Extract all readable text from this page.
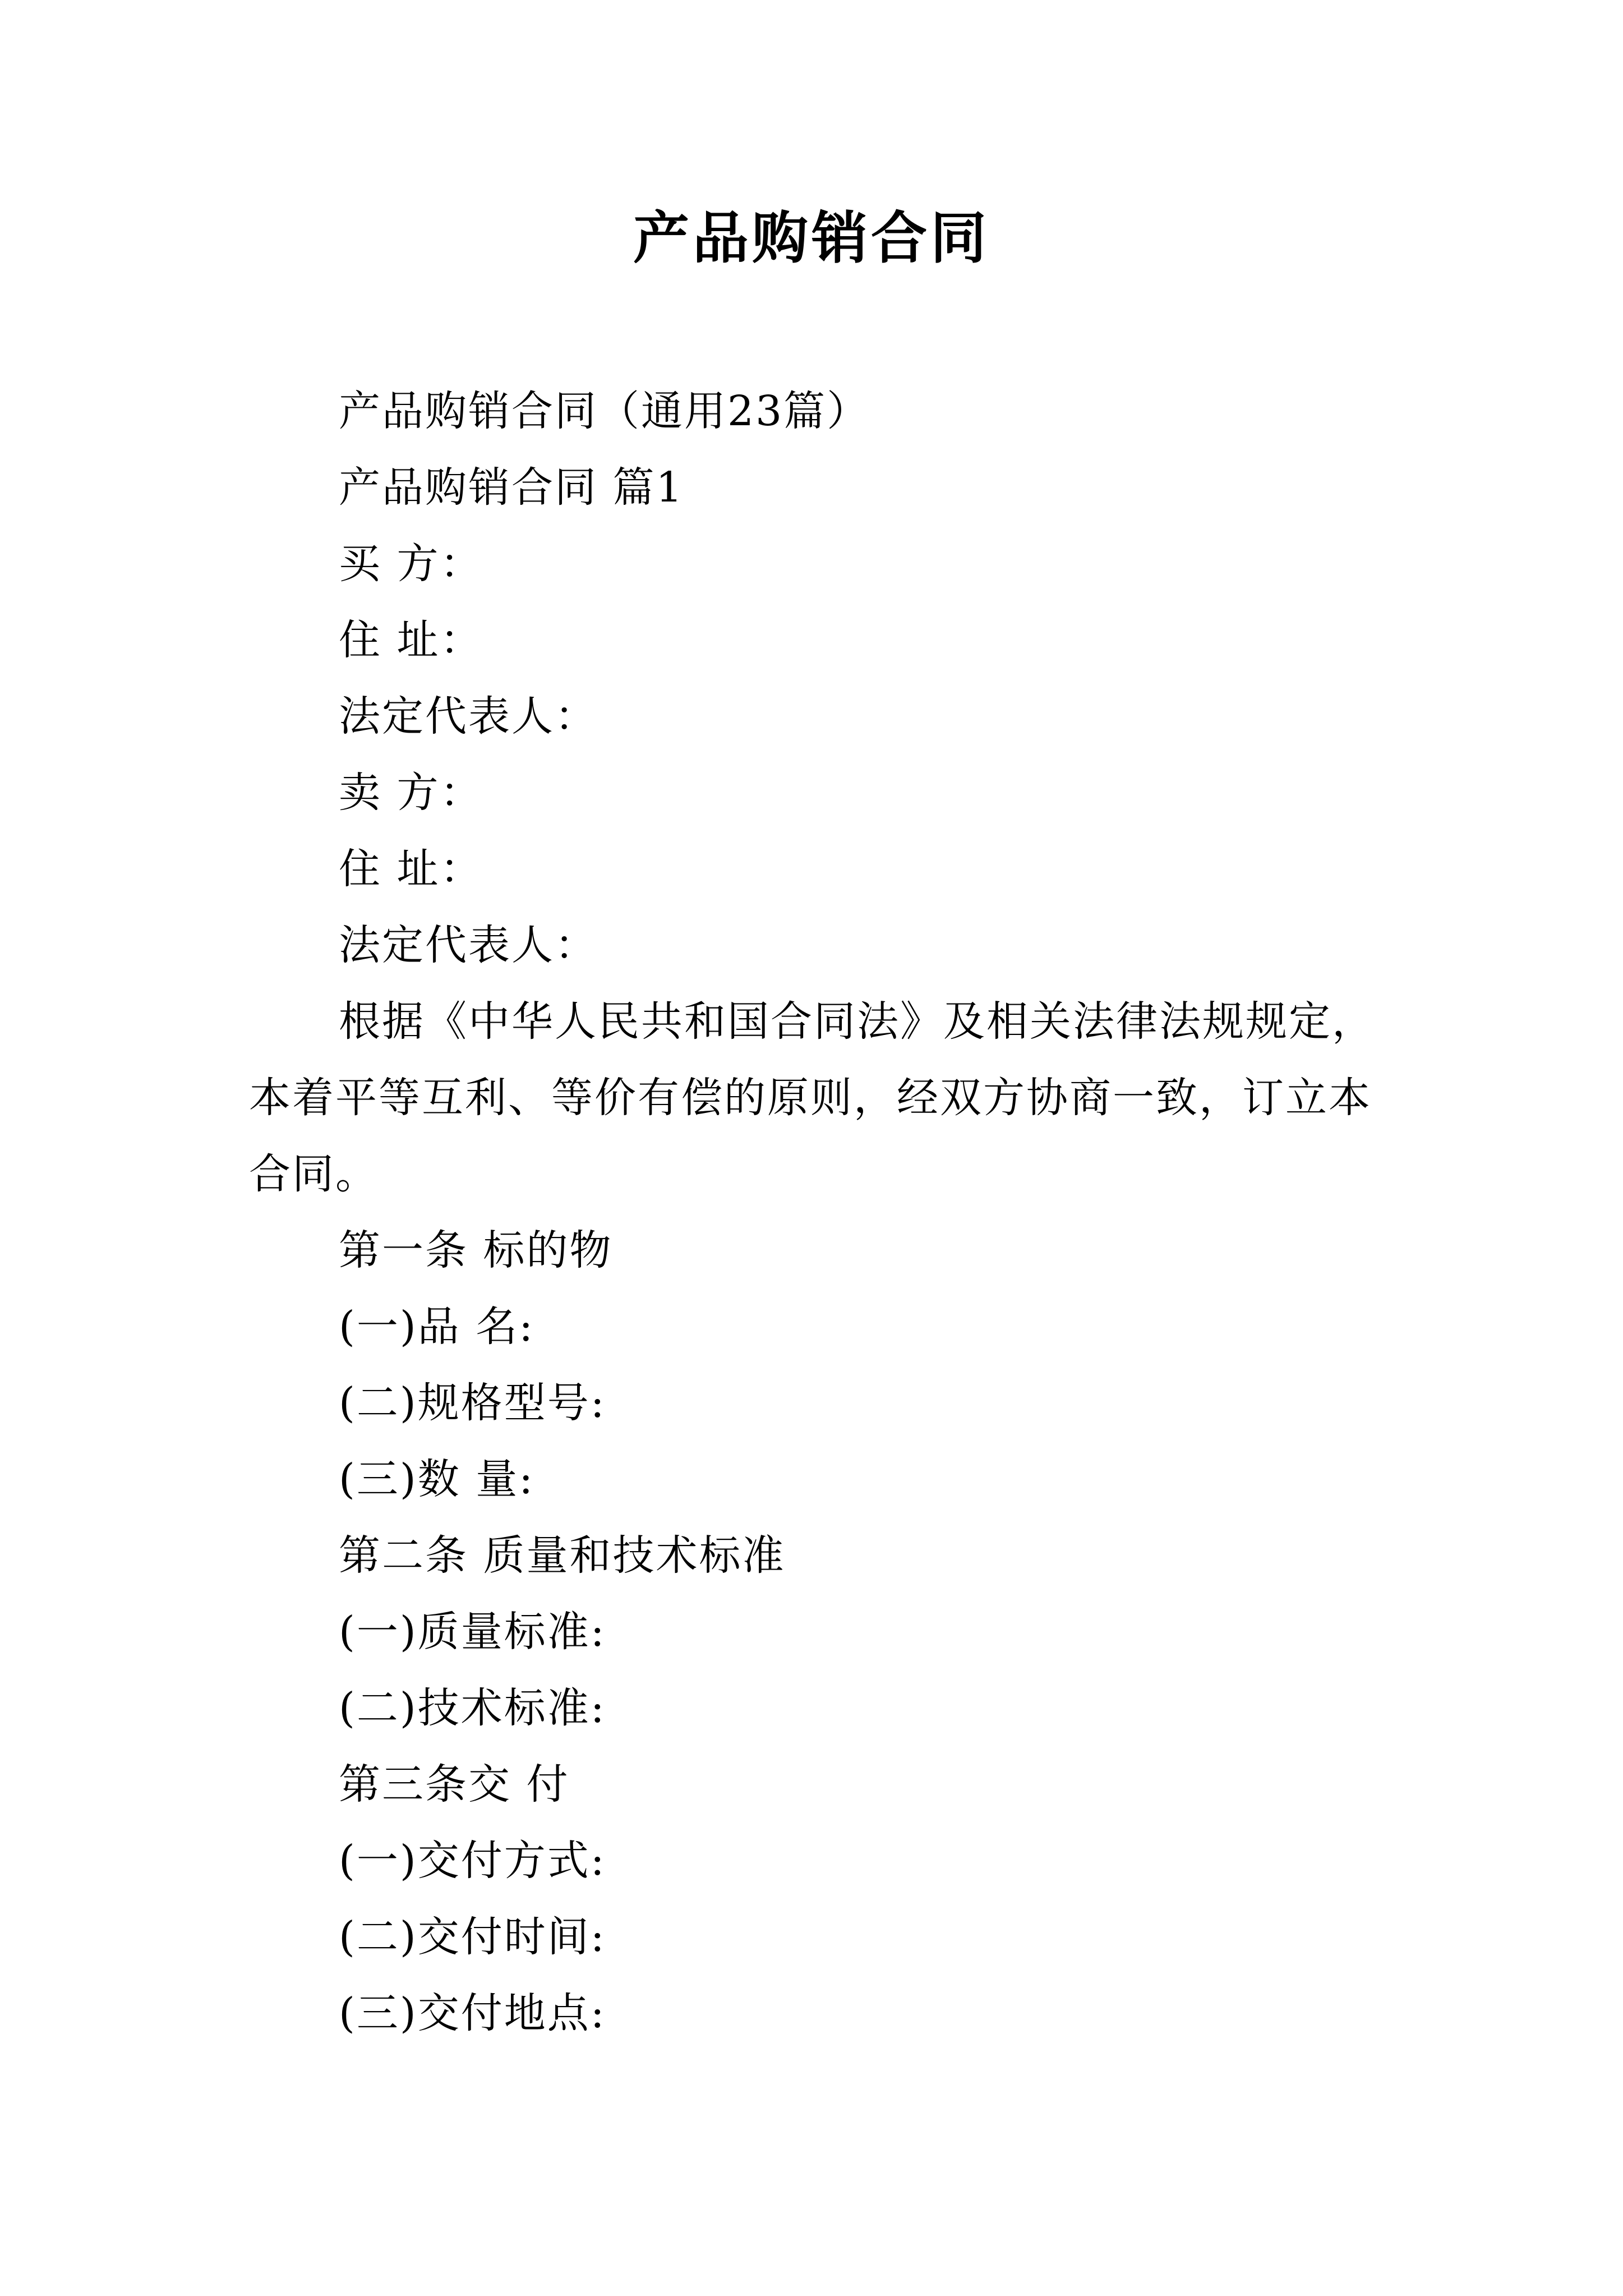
产品购销合同

产品购销合同（通用23篇）

产品购销合同 篇1

买 方：

住 址：

法定代表人：

卖 方：

住 址：

法定代表人：

根据《中华人民共和国合同法》及相关法律法规规定，本着平等互利、等价有偿的原则，经双方协商一致，订立本合同。

第一条 标的物

(一)品 名:

(二)规格型号:

(三)数 量:

第二条 质量和技术标准

(一)质量标准:

(二)技术标准:

第三条交 付

(一)交付方式:

(二)交付时间:

(三)交付地点:
